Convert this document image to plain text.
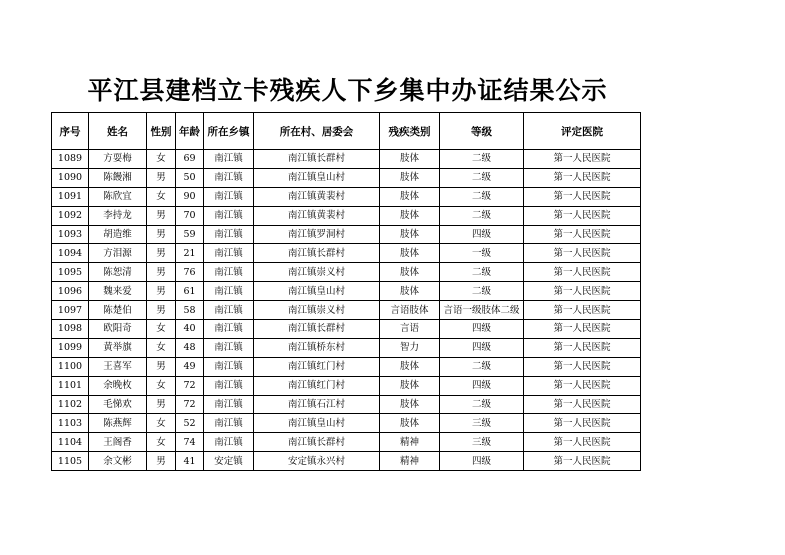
平江县建档立卡残疾人下乡集中办证结果公示
序号	姓名	性别	年龄	所在乡镇	所在村、居委会	残疾类别	等级	评定医院
1089	方耍梅	女	69	南江镇	南江镇长群村	肢体	二级	第一人民医院
1090	陈饅湘	男	50	南江镇	南江镇皇山村	肢体	二级	第一人民医院
1091	陈欣宜	女	90	南江镇	南江镇黄裴村	肢体	二级	第一人民医院
1092	李持龙	男	70	南江镇	南江镇黄裴村	肢体	二级	第一人民医院
1093	胡造维	男	59	南江镇	南江镇罗洞村	肢体	四级	第一人民医院
1094	方泪源	男	21	南江镇	南江镇长群村	肢体	一级	第一人民医院
1095	陈恕清	男	76	南江镇	南江镇崇义村	肢体	二级	第一人民医院
1096	魏来爱	男	61	南江镇	南江镇皇山村	肢体	二级	第一人民医院
1097	陈楚伯	男	58	南江镇	南江镇崇义村	言语肢体	言语一级肢体二级	第一人民医院
1098	欧阳奇	女	40	南江镇	南江镇长群村	言语	四级	第一人民医院
1099	黄举旗	女	48	南江镇	南江镇桥东村	智力	四级	第一人民医院
1100	王喜军	男	49	南江镇	南江镇红门村	肢体	二级	第一人民医院
1101	余晚枚	女	72	南江镇	南江镇红门村	肢体	四级	第一人民医院
1102	毛悌欢	男	72	南江镇	南江镇石江村	肢体	二级	第一人民医院
1103	陈燕辉	女	52	南江镇	南江镇皇山村	肢体	三级	第一人民医院
1104	王阁香	女	74	南江镇	南江镇长群村	精神	三级	第一人民医院
1105	余文彬	男	41	安定镇	安定镇永兴村	精神	四级	第一人民医院
